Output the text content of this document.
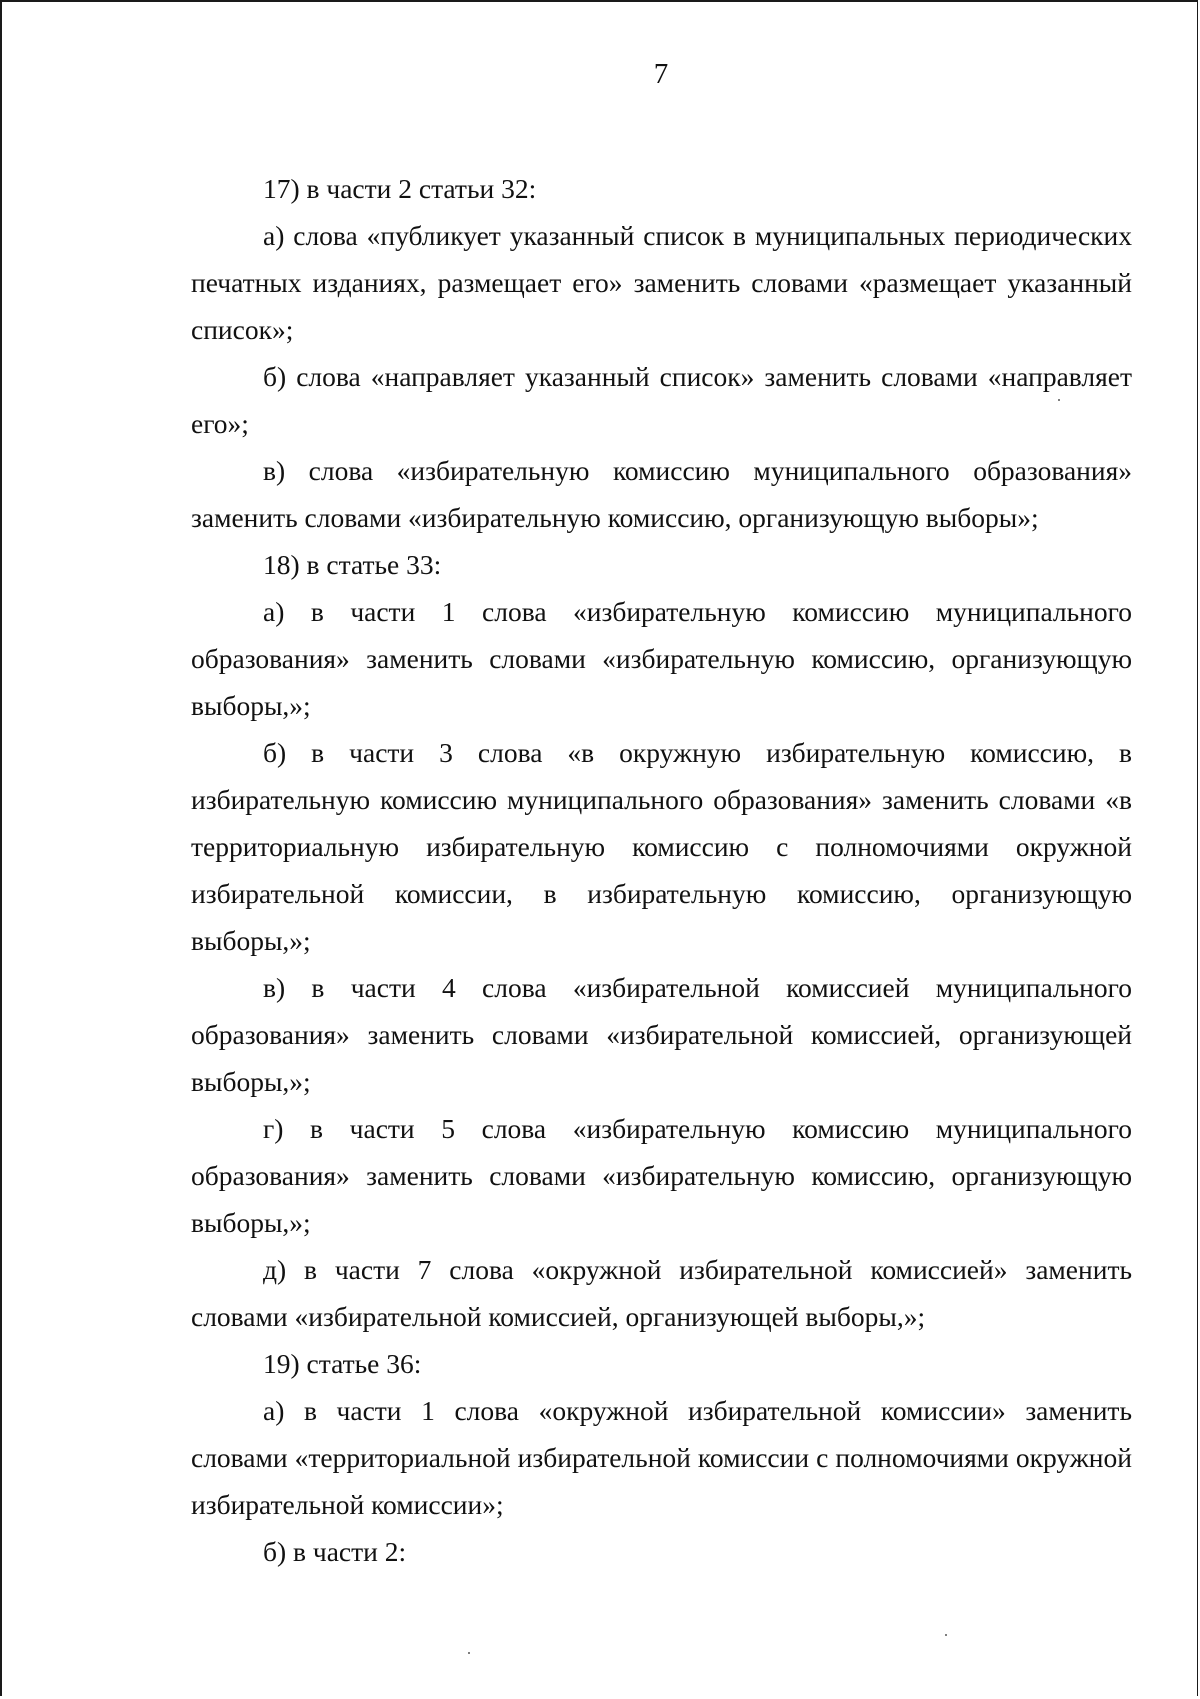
7

17) в части 2 статьи 32:

а) слова «публикует указанный список в муниципальных периодических печатных изданиях, размещает его» заменить словами «размещает указанный список»;

б) слова «направляет указанный список» заменить словами «направляет его»;

в) слова «избирательную комиссию муниципального образования» заменить словами «избирательную комиссию, организующую выборы»;

18) в статье 33:

а) в части 1 слова «избирательную комиссию муниципального образования» заменить словами «избирательную комиссию, организующую выборы,»;

б) в части 3 слова «в окружную избирательную комиссию, в избирательную комиссию муниципального образования» заменить словами «в территориальную избирательную комиссию с полномочиями окружной избирательной комиссии, в избирательную комиссию, организующую выборы,»;

в) в части 4 слова «избирательной комиссией муниципального образования» заменить словами «избирательной комиссией, организующей выборы,»;

г) в части 5 слова «избирательную комиссию муниципального образования» заменить словами «избирательную комиссию, организующую выборы,»;

д) в части 7 слова «окружной избирательной комиссией» заменить словами «избирательной комиссией, организующей выборы,»;

19) статье 36:

а) в части 1 слова «окружной избирательной комиссии» заменить словами «территориальной избирательной комиссии с полномочиями окружной избирательной комиссии»;

б) в части 2:
